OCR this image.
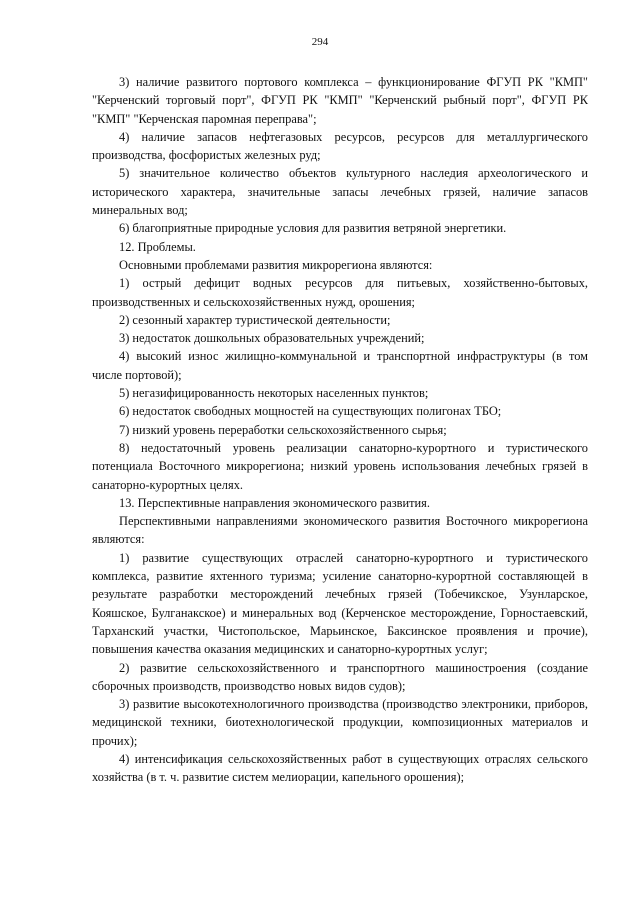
294

3) наличие развитого портового комплекса – функционирование ФГУП РК "КМП" "Керченский торговый порт", ФГУП РК "КМП" "Керченский рыбный порт", ФГУП РК "КМП" "Керченская паромная переправа";

4) наличие запасов нефтегазовых ресурсов, ресурсов для металлургического производства, фосфористых железных руд;

5) значительное количество объектов культурного наследия археологического и исторического характера, значительные запасы лечебных грязей, наличие запасов минеральных вод;

6) благоприятные природные условия для развития ветряной энергетики.

12. Проблемы.

Основными проблемами развития микрорегиона являются:

1) острый дефицит водных ресурсов для питьевых, хозяйственно-бытовых, производственных и сельскохозяйственных нужд, орошения;

2) сезонный характер туристической деятельности;

3) недостаток дошкольных образовательных учреждений;

4) высокий износ жилищно-коммунальной и транспортной инфраструктуры (в том числе портовой);

5) негазифицированность некоторых населенных пунктов;

6) недостаток свободных мощностей на существующих полигонах ТБО;

7) низкий уровень переработки сельскохозяйственного сырья;

8) недостаточный уровень реализации санаторно-курортного и туристического потенциала Восточного микрорегиона; низкий уровень использования лечебных грязей в санаторно-курортных целях.

13. Перспективные направления экономического развития.

Перспективными направлениями экономического развития Восточного микрорегиона являются:

1) развитие существующих отраслей санаторно-курортного и туристического комплекса, развитие яхтенного туризма; усиление санаторно-курортной составляющей в результате разработки месторождений лечебных грязей (Тобечикское, Узунларское, Кояшское, Булганакское) и минеральных вод (Керченское месторождение, Горностаевский, Тарханский участки, Чистопольское, Марьинское, Баксинское проявления и прочие), повышения качества оказания медицинских и санаторно-курортных услуг;

2) развитие сельскохозяйственного и транспортного машиностроения (создание сборочных производств, производство новых видов судов);

3) развитие высокотехнологичного производства (производство электроники, приборов, медицинской техники, биотехнологической продукции, композиционных материалов и прочих);

4) интенсификация сельскохозяйственных работ в существующих отраслях сельского хозяйства (в т. ч. развитие систем мелиорации, капельного орошения);
